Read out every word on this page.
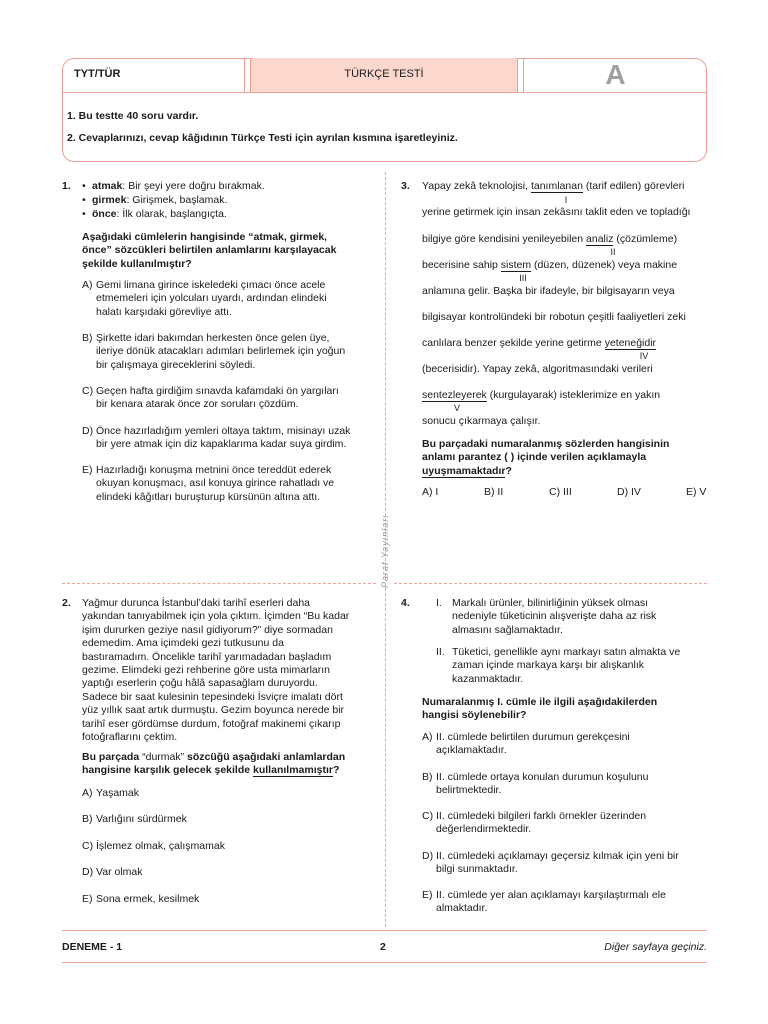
TYT/TÜR	TÜRKÇE TESTİ	A
1. Bu testte 40 soru vardır.
2. Cevaplarınızı, cevap kâğıdının Türkçe Testi için ayrılan kısmına işaretleyiniz.
Paraf Yayınları
1. • atmak: Bir şeyi yere doğru bırakmak.
• girmek: Girişmek, başlamak.
• önce: İlk olarak, başlangıçta.
Aşağıdaki cümlelerin hangisinde “atmak, girmek,
önce” sözcükleri belirtilen anlamlarını karşılayacak
şekilde kullanılmıştır?
A) Gemi limana girince iskeledeki çımacı önce acele
etmemeleri için yolcuları uyardı, ardından elindeki
halatı karşıdaki görevliye attı.
B) Şirkette idari bakımdan herkesten önce gelen üye,
ileriye dönük atacakları adımları belirlemek için yoğun
bir çalışmaya gireceklerini söyledi.
C) Geçen hafta girdiğim sınavda kafamdaki ön yargıları
bir kenara atarak önce zor soruları çözdüm.
D) Önce hazırladığım yemleri oltaya taktım, misinayı uzak
bir yere atmak için diz kapaklarıma kadar suya girdim.
E) Hazırladığı konuşma metnini önce tereddüt ederek
okuyan konuşmacı, asıl konuya girince rahatladı ve
elindeki kâğıtları buruşturup kürsünün altına attı.
3. Yapay zekâ teknolojisi, tanımlanan (tarif edilen) görevleri
I
yerine getirmek için insan zekâsını taklit eden ve topladığı
bilgiye göre kendisini yenileyebilen analiz (çözümleme)
II
becerisine sahip sistem (düzen, düzenek) veya makine
III
anlamına gelir. Başka bir ifadeyle, bir bilgisayarın veya
bilgisayar kontrolündeki bir robotun çeşitli faaliyetleri zeki
canlılara benzer şekilde yerine getirme yeteneğidir
IV
(becerisidir). Yapay zekâ, algoritmasındaki verileri
sentezleyerek (kurgulayarak) isteklerimize en yakın
V
sonucu çıkarmaya çalışır.
Bu parçadaki numaralanmış sözlerden hangisinin
anlamı parantez ( ) içinde verilen açıklamayla
uyuşmamaktadır?
A) I	B) II	C) III	D) IV	E) V
2. Yağmur durunca İstanbul’daki tarihî eserleri daha
yakından tanıyabilmek için yola çıktım. İçimden “Bu kadar
işim dururken geziye nasıl gidiyorum?” diye sormadan
edemedim. Ama içimdeki gezi tutkusunu da
bastıramadım. Öncelikle tarihî yarımadadan başladım
gezime. Elimdeki gezi rehberine göre usta mimarların
yaptığı eserlerin çoğu hâlâ sapasağlam duruyordu.
Sadece bir saat kulesinin tepesindeki İsviçre imalatı dört
yüz yıllık saat artık durmuştu. Gezim boyunca nerede bir
tarihî eser gördümse durdum, fotoğraf makinemi çıkarıp
fotoğraflarını çektim.
Bu parçada “durmak” sözcüğü aşağıdaki anlamlardan
hangisine karşılık gelecek şekilde kullanılmamıştır?
A) Yaşamak
B) Varlığını sürdürmek
C) İşlemez olmak, çalışmamak
D) Var olmak
E) Sona ermek, kesilmek
4. I. Markalı ürünler, bilinirliğinin yüksek olması
nedeniyle tüketicinin alışverişte daha az risk
almasını sağlamaktadır.
II. Tüketici, genellikle aynı markayı satın almakta ve
zaman içinde markaya karşı bir alışkanlık
kazanmaktadır.
Numaralanmış I. cümle ile ilgili aşağıdakilerden
hangisi söylenebilir?
A) II. cümlede belirtilen durumun gerekçesini
açıklamaktadır.
B) II. cümlede ortaya konulan durumun koşulunu
belirtmektedir.
C) II. cümledeki bilgileri farklı örnekler üzerinden
değerlendirmektedir.
D) II. cümledeki açıklamayı geçersiz kılmak için yeni bir
bilgi sunmaktadır.
E) II. cümlede yer alan açıklamayı karşılaştırmalı ele
almaktadır.
DENEME - 1	2	Diğer sayfaya geçiniz.
